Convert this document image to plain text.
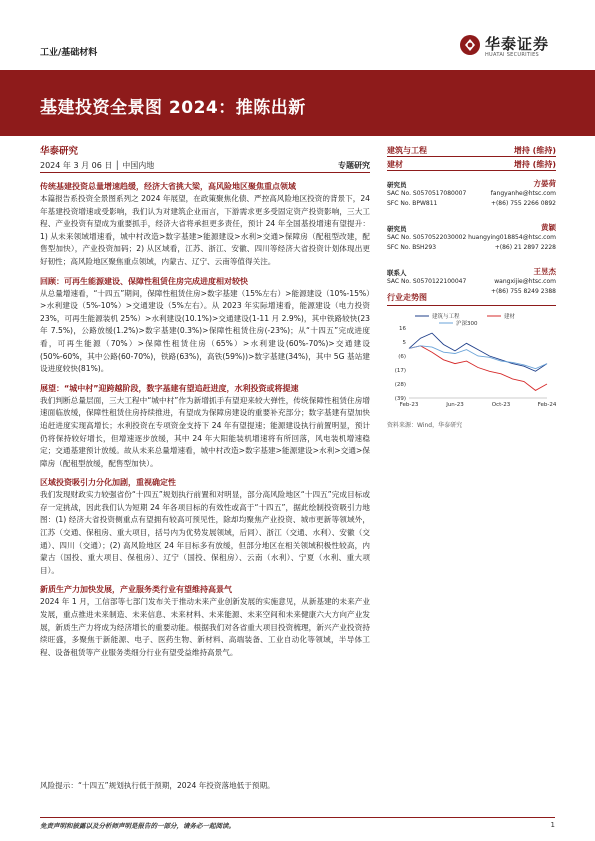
工业/基础材料	华泰证券
HUATAI SECURITIES
基建投资全景图 2024：推陈出新
华泰研究
2024 年 3 月 06 日 │ 中国内地	专题研究
传统基建投资总量增速趋缓，经济大省挑大梁，高风险地区聚焦重点领域
本篇报告系投资全景图系列之 2024 年展望，在政策聚焦化债、严控高风险地区投资的背景下，24 年基建投资增速或受影响，我们认为对建筑企业而言，下游需求更多受固定资产投资影响，三大工程、产业投资有望成为重要抓手，经济大省将承担更多责任，预计 24 年全国基投增速有望提升：1) 从未来领域增速看，城中村改造>数字基建>能源建设>水利>交通>保障房（配租型改建，配售型加快），产业投资加码；2) 从区域看，江苏、浙江、安徽、四川等经济大省投资计划体现出更好韧性；高风险地区聚焦重点领域，内蒙古、辽宁、云南等值得关注。
回顾：可再生能源建设、保障性租赁住房完成进度相对较快
从总量增速看，“十四五”期间，保障性租赁住房>数字基建（15%左右）>能源建设（10%-15%）>水利建设（5%-10%）>交通建设（5%左右）。从 2023 年实际增速看，能源建设（电力投资 23%，可再生能源装机 25%）>水利建设(10.1%)>交通建设(1-11 月 2.9%)，其中铁路较快(23 年 7.5%)，公路放缓(1.2%)>数字基建(0.3%)>保障性租赁住房(-23%)；从“十四五”完成进度看，可再生能源（70%）>保障性租赁住房（65%）>水利建设(60%-70%)>交通建设(50%-60%，其中公路(60-70%)，铁路(63%)，高铁(59%))>数字基建(34%)，其中 5G 基站建设进度较快(81%)。
展望：“城中村”迎跨越阶段，数字基建有望追赶进度，水利投资或将提速
我们判断总量层面，三大工程中“城中村”作为新增抓手有望迎来较大弹性，传统保障性租赁住房增速面临放缓，保障性租赁住房持续推进，有望成为保障房建设的重要补充部分；数字基建有望加快追赶进度实现高增长；水利投资在专项资金支持下 24 年有望提速；能源建设执行前置明显，预计仍将保持较好增长，但增速逐步放缓，其中 24 年大阳能装机增速将有所回落，风电装机增速稳定；交通基建预计放缓。故从未来总量增速看，城中村改造>数字基建>能源建设>水利>交通>保障房（配租型放缓，配售型加快）。
区域投资吸引力分化加剧，重视确定性
我们发现财政实力较强省份“十四五”规划执行前置和对明显，部分高风险地区“十四五”完成目标或存一定挑战，因此我们认为短期 24 年各项目标的有效性或高于“十四五”，据此绘制投资吸引力地图：(1) 经济大省投资侧重点有望拥有较高可预见性，除却均聚焦产业投资、城市更新等领域外，江苏（交通、保租房、重大项目，括号内为优势发展领域，后同）、浙江（交通、水利）、安徽（交通）、四川（交通）；(2) 高风险地区 24 年目标多有放缓，但部分地区在相关领域积极性较高，内蒙古（国投、重大项目、保租房）、辽宁（国投、保租房）、云南（水利）、宁夏（水利、重大项目）。
新质生产力加快发展，产业服务类行业有望维持高景气
2024 年 1 月，工信部等七部门发布关于推动未来产业创新发展的实施意见，从新基建的未来产业发展，重点推进未来制造、未来信息、未来材料、未来能源、未来空间和未来健康六大方向产业发展，新质生产力将成为经济增长的重要动能。根据我们对各省重大项目投资梳理，新兴产业投资持续旺盛，多聚焦于新能源、电子、医药生物、新材料、高端装备、工业自动化等领域，半导体工程、设备租赁等产业服务类细分行业有望受益维持高景气。
风险提示：“十四五”规划执行低于预期，2024 年投资落地低于预期。
建筑与工程	增持 (维持)
建材	增持 (维持)
研究员	方晏荷
SAC No. S0570517080007
SFC No. BPW811
fangyanhe@htsc.com
+(86) 755 2266 0892
研究员	黄颖
SAC No. S0570522030002
SFC No. BSH293
huangying018854@htsc.com
+(86) 21 2897 2228
联系人	王昱杰
SAC No. S0570122100047	wangxijie@htsc.com
+(86) 755 8249 2388
行业走势图
16
5
(6)
(17)
(28)
(39)
Feb-23	Jun-23	Oct-23	Feb-24
建筑与工程	建材
沪深300
资料来源：Wind，华泰研究
免责声明和披露以及分析师声明是报告的一部分，请务必一起阅读。	1
